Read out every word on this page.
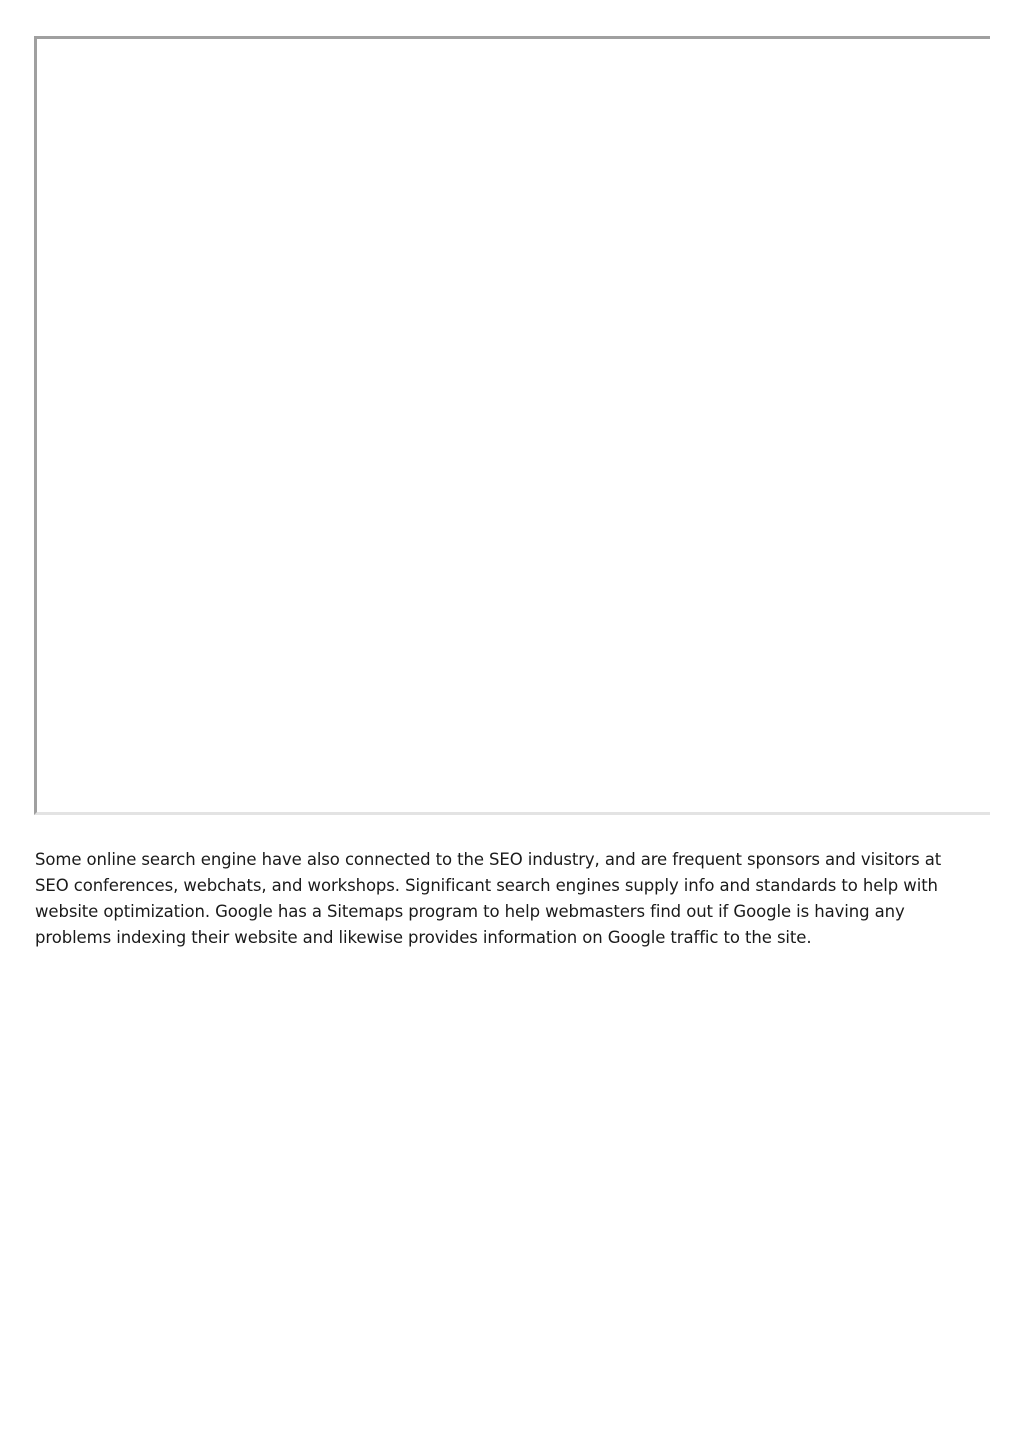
Some online search engine have also connected to the SEO industry, and are frequent sponsors and visitors at SEO conferences, webchats, and workshops. Significant search engines supply info and standards to help with website optimization. Google has a Sitemaps program to help webmasters find out if Google is having any problems indexing their website and likewise provides information on Google traffic to the site.
